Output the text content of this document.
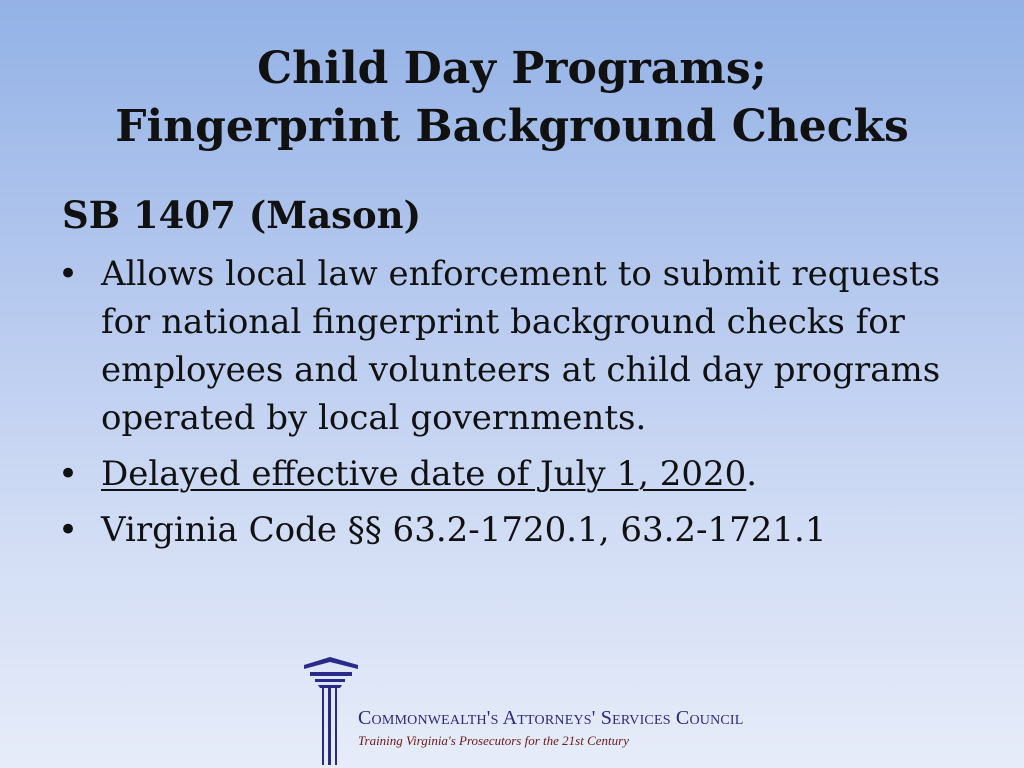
Child Day Programs;
Fingerprint Background Checks
SB 1407 (Mason)
• Allows local law enforcement to submit requests for national fingerprint background checks for employees and volunteers at child day programs operated by local governments.
• Delayed effective date of July 1, 2020.
• Virginia Code §§ 63.2-1720.1, 63.2-1721.1
Commonwealth's Attorneys' Services Council
Training Virginia's Prosecutors for the 21st Century
